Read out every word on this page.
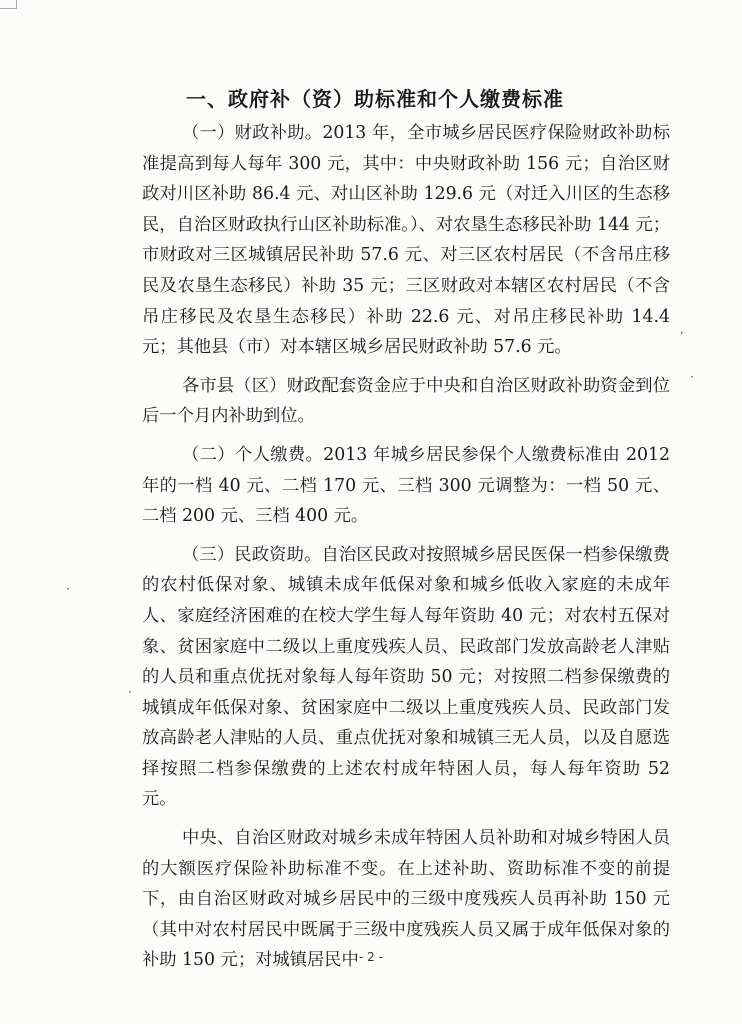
一、政府补（资）助标准和个人缴费标准

（一）财政补助。2013 年，全市城乡居民医疗保险财政补助标准提高到每人每年 300 元，其中：中央财政补助 156 元；自治区财政对川区补助 86.4 元、对山区补助 129.6 元（对迁入川区的生态移民，自治区财政执行山区补助标准。）、对农垦生态移民补助 144 元；市财政对三区城镇居民补助 57.6 元、对三区农村居民（不含吊庄移民及农垦生态移民）补助 35 元；三区财政对本辖区农村居民（不含吊庄移民及农垦生态移民）补助 22.6 元、对吊庄移民补助 14.4 元；其他县（市）对本辖区城乡居民财政补助 57.6 元。

各市县（区）财政配套资金应于中央和自治区财政补助资金到位后一个月内补助到位。

（二）个人缴费。2013 年城乡居民参保个人缴费标准由 2012 年的一档 40 元、二档 170 元、三档 300 元调整为：一档 50 元、二档 200 元、三档 400 元。

（三）民政资助。自治区民政对按照城乡居民医保一档参保缴费的农村低保对象、城镇未成年低保对象和城乡低收入家庭的未成年人、家庭经济困难的在校大学生每人每年资助 40 元；对农村五保对象、贫困家庭中二级以上重度残疾人员、民政部门发放高龄老人津贴的人员和重点优抚对象每人每年资助 50 元；对按照二档参保缴费的城镇成年低保对象、贫困家庭中二级以上重度残疾人员、民政部门发放高龄老人津贴的人员、重点优抚对象和城镇三无人员，以及自愿选择按照二档参保缴费的上述农村成年特困人员，每人每年资助 52 元。

中央、自治区财政对城乡未成年特困人员补助和对城乡特困人员的大额医疗保险补助标准不变。在上述补助、资助标准不变的前提下，由自治区财政对城乡居民中的三级中度残疾人员再补助 150 元（其中对农村居民中既属于三级中度残疾人员又属于成年低保对象的补助 150 元；对城镇居民中

,
·
·
·
- 2 -
